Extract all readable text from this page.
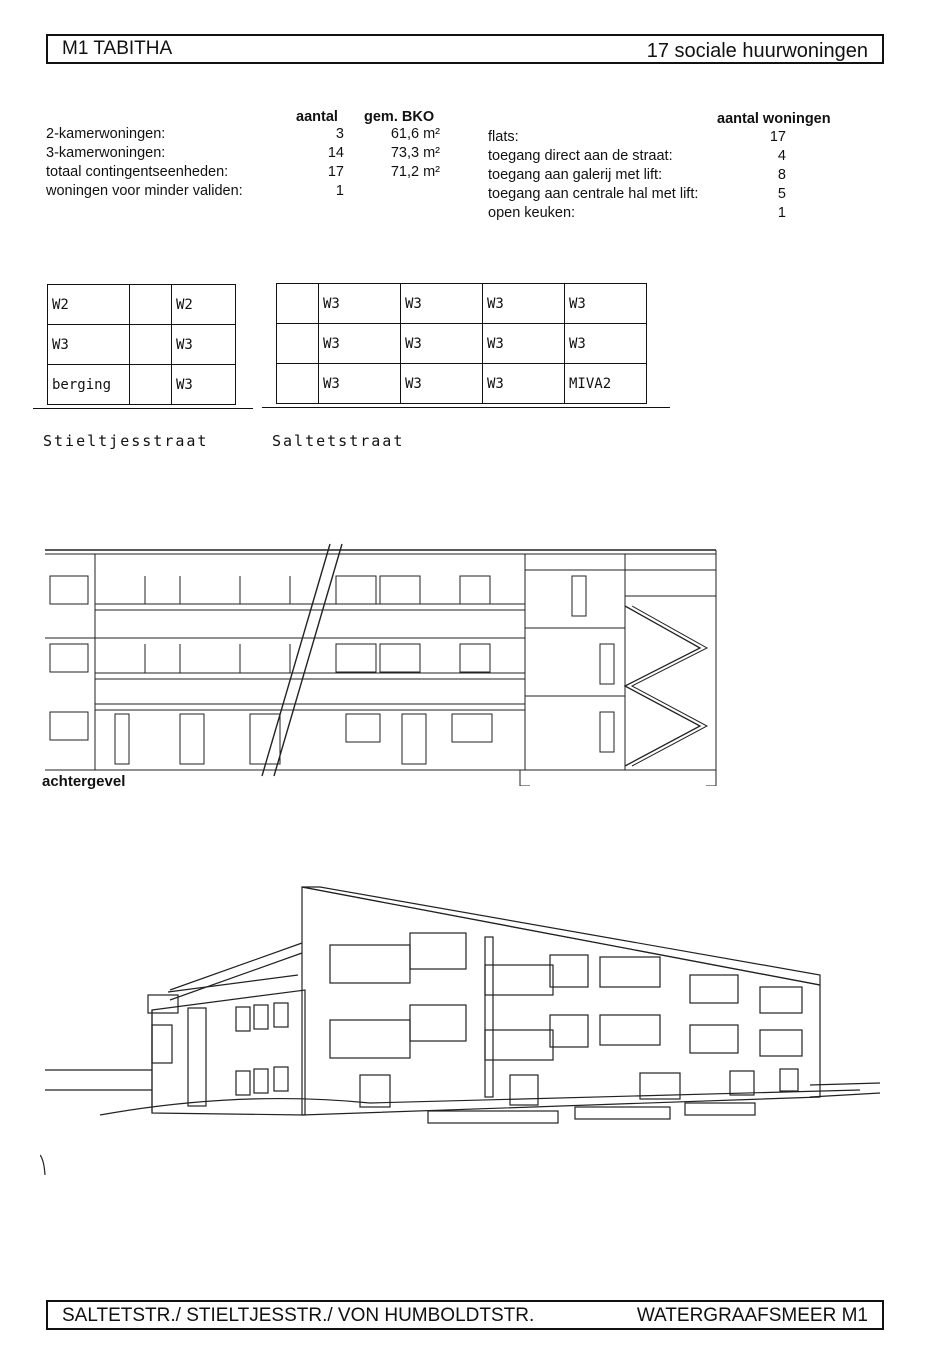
M1 TABITHA	17 sociale huurwoningen
aantal gem. BKO
2-kamerwoningen:	3	61,6 m²
3-kamerwoningen:	14	73,3 m²
totaal contingentseenheden:	17	71,2 m²
woningen voor minder validen:	1
aantal woningen
flats:	17
toegang direct aan de straat:	4
toegang aan galerij met lift:	8
toegang aan centrale hal met lift:	5
open keuken:	1
W2		W2
W3		W3
berging		W3
Stieltjesstraat
	W3	W3	W3	W3
	W3	W3	W3	W3
	W3	W3	W3	MIVA2
Saltetstraat
achtergevel
SALTETSTR./ STIELTJESSTR./ VON HUMBOLDTSTR.	WATERGRAAFSMEER M1
